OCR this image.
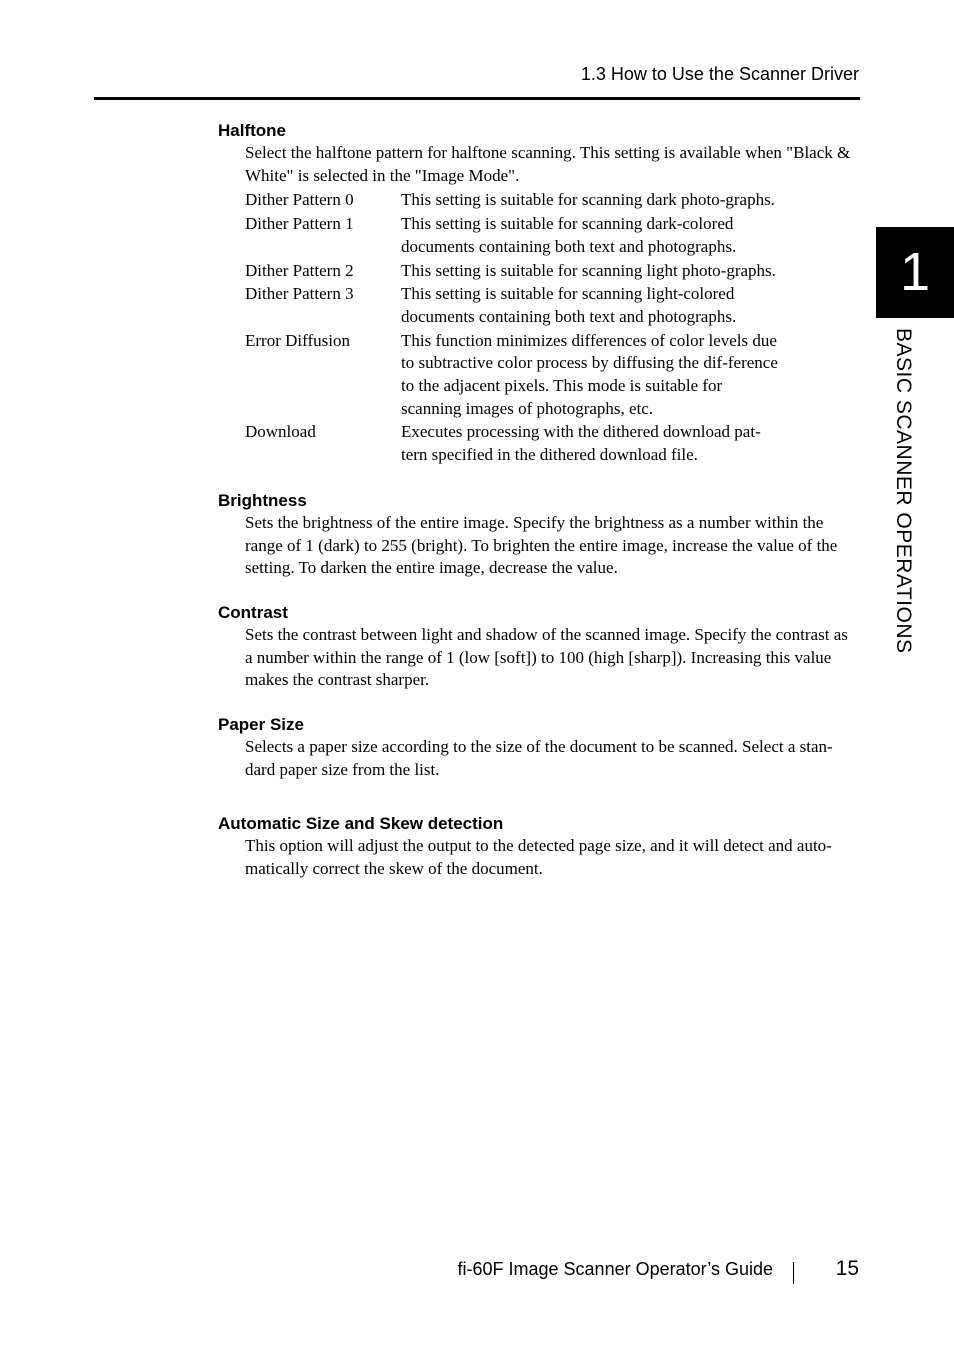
1.3 How to Use the Scanner Driver
1
BASIC SCANNER OPERATIONS
Halftone

Select the halftone pattern for halftone scanning. This setting is available when "Black & White" is selected in the "Image Mode".

Dither Pattern 0	This setting is suitable for scanning dark photo-graphs.
Dither Pattern 1	This setting is suitable for scanning dark-colored documents containing both text and photographs.
Dither Pattern 2	This setting is suitable for scanning light photo-graphs.
Dither Pattern 3	This setting is suitable for scanning light-colored documents containing both text and photographs.
Error Diffusion	This function minimizes differences of color levels due to subtractive color process by diffusing the dif-ference to the adjacent pixels. This mode is suitable for scanning images of photographs, etc.
Download	Executes processing with the dithered download pat-tern specified in the dithered download file.
Brightness

Sets the brightness of the entire image. Specify the brightness as a number within the range of 1 (dark) to 255 (bright). To brighten the entire image, increase the value of the setting. To darken the entire image, decrease the value.

Contrast

Sets the contrast between light and shadow of the scanned image. Specify the contrast as a number within the range of 1 (low [soft]) to 100 (high [sharp]). Increasing this value makes the contrast sharper.

Paper Size

Selects a paper size according to the size of the document to be scanned. Select a stan-dard paper size from the list.

Automatic Size and Skew detection

This option will adjust the output to the detected page size, and it will detect and auto-matically correct the skew of the document.

fi-60F Image Scanner Operator’s Guide	15
